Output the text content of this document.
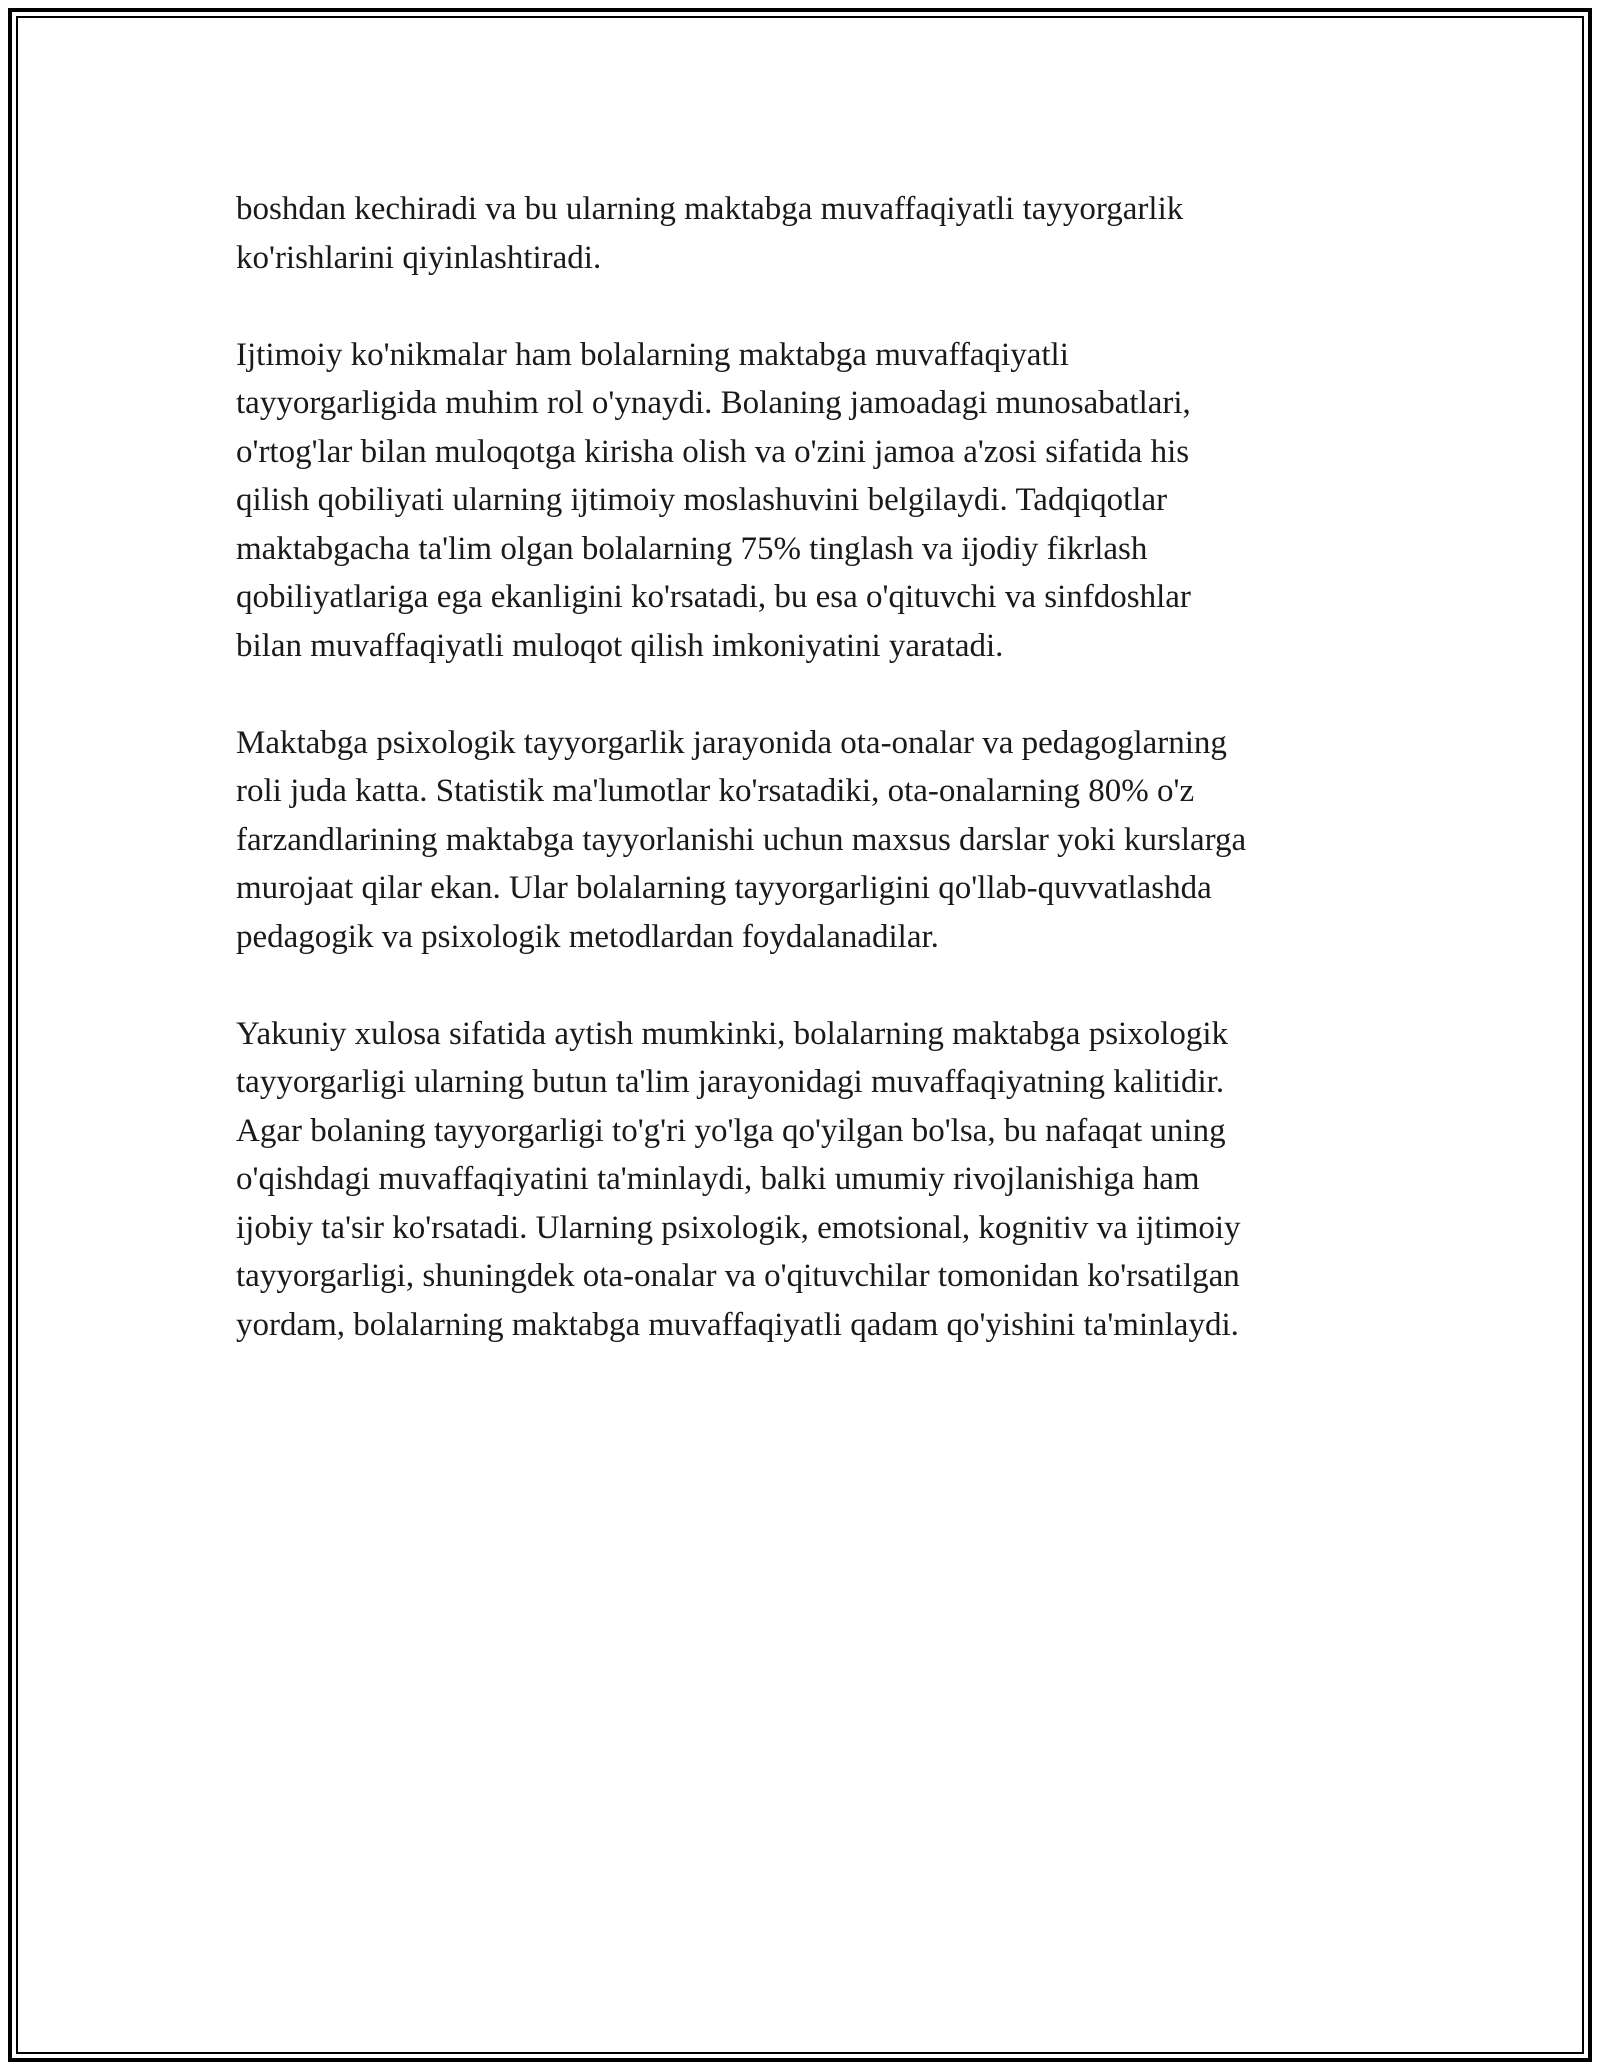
boshdan kechiradi va bu ularning maktabga muvaffaqiyatli tayyorgarlik
ko'rishlarini qiyinlashtiradi.

Ijtimoiy ko'nikmalar ham bolalarning maktabga muvaffaqiyatli
tayyorgarligida muhim rol o'ynaydi. Bolaning jamoadagi munosabatlari,
o'rtog'lar bilan muloqotga kirisha olish va o'zini jamoa a'zosi sifatida his
qilish qobiliyati ularning ijtimoiy moslashuvini belgilaydi. Tadqiqotlar
maktabgacha ta'lim olgan bolalarning 75% tinglash va ijodiy fikrlash
qobiliyatlariga ega ekanligini ko'rsatadi, bu esa o'qituvchi va sinfdoshlar
bilan muvaffaqiyatli muloqot qilish imkoniyatini yaratadi.

Maktabga psixologik tayyorgarlik jarayonida ota-onalar va pedagoglarning
roli juda katta. Statistik ma'lumotlar ko'rsatadiki, ota-onalarning 80% o'z
farzandlarining maktabga tayyorlanishi uchun maxsus darslar yoki kurslarga
murojaat qilar ekan. Ular bolalarning tayyorgarligini qo'llab-quvvatlashda
pedagogik va psixologik metodlardan foydalanadilar.

Yakuniy xulosa sifatida aytish mumkinki, bolalarning maktabga psixologik
tayyorgarligi ularning butun ta'lim jarayonidagi muvaffaqiyatning kalitidir.
Agar bolaning tayyorgarligi to'g'ri yo'lga qo'yilgan bo'lsa, bu nafaqat uning
o'qishdagi muvaffaqiyatini ta'minlaydi, balki umumiy rivojlanishiga ham
ijobiy ta'sir ko'rsatadi. Ularning psixologik, emotsional, kognitiv va ijtimoiy
tayyorgarligi, shuningdek ota-onalar va o'qituvchilar tomonidan ko'rsatilgan
yordam, bolalarning maktabga muvaffaqiyatli qadam qo'yishini ta'minlaydi.
